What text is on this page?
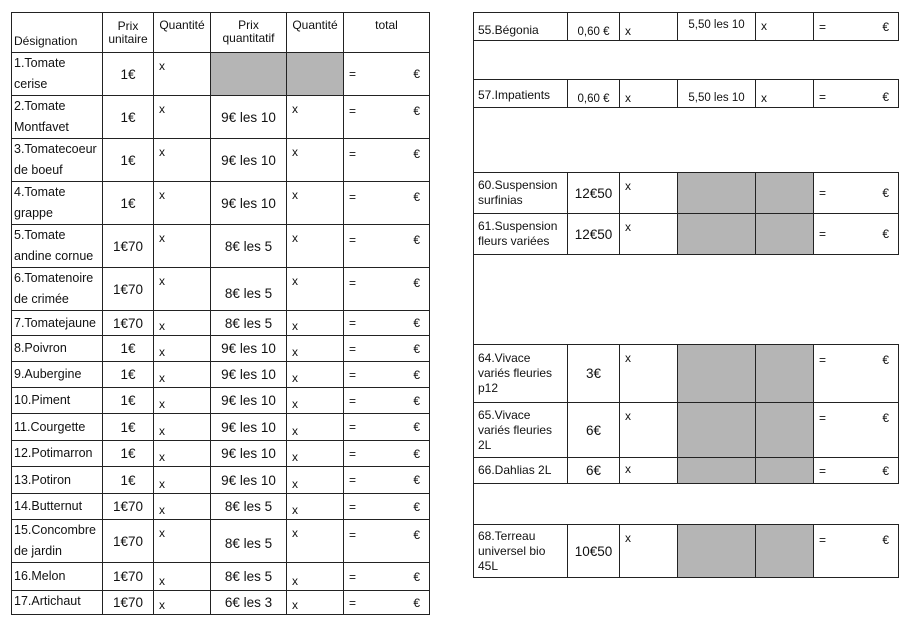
Désignation	Prix unitaire	Quantité	Prix quantitatif	Quantité	total
1.Tomate cerise	1€	x			= €

2.Tomate Montfavet	1€	x	9€ les 10	x	= €

3.Tomatecoeur de boeuf	1€	x	9€ les 10	x	= €

4.Tomate grappe	1€	x	9€ les 10	x	= €

5.Tomate andine cornue	1€70	x	8€ les 5	x	= €

6.Tomatenoire de crimée	1€70	x	8€ les 5	x	= €

7.Tomatejaune	1€70	x	8€ les 5	x	= €

8.Poivron	1€	x	9€ les 10	x	= €

9.Aubergine	1€	x	9€ les 10	x	= €

10.Piment	1€	x	9€ les 10	x	= €

11.Courgette	1€	x	9€ les 10	x	= €

12.Potimarron	1€	x	9€ les 10	x	= €

13.Potiron	1€	x	9€ les 10	x	= €

14.Butternut	1€70	x	8€ les 5	x	= €

15.Concombre de jardin	1€70	x	8€ les 5	x	= €

16.Melon	1€70	x	8€ les 5	x	= €

17.Artichaut	1€70	x	6€ les 3	x	= €
55.Bégonia	0,60 €	x	5,50 les 10	x	= €

57.Impatients	0,60 €	x	5,50 les 10	x	= €

60.Suspension surfinias	12€50	x			= €

61.Suspension fleurs variées	12€50	x			= €

64.Vivace variés fleuries p12	3€	x			= €

65.Vivace variés fleuries 2L	6€	x			= €

66.Dahlias 2L	6€	x			= €

68.Terreau universel bio 45L	10€50	x			= €
